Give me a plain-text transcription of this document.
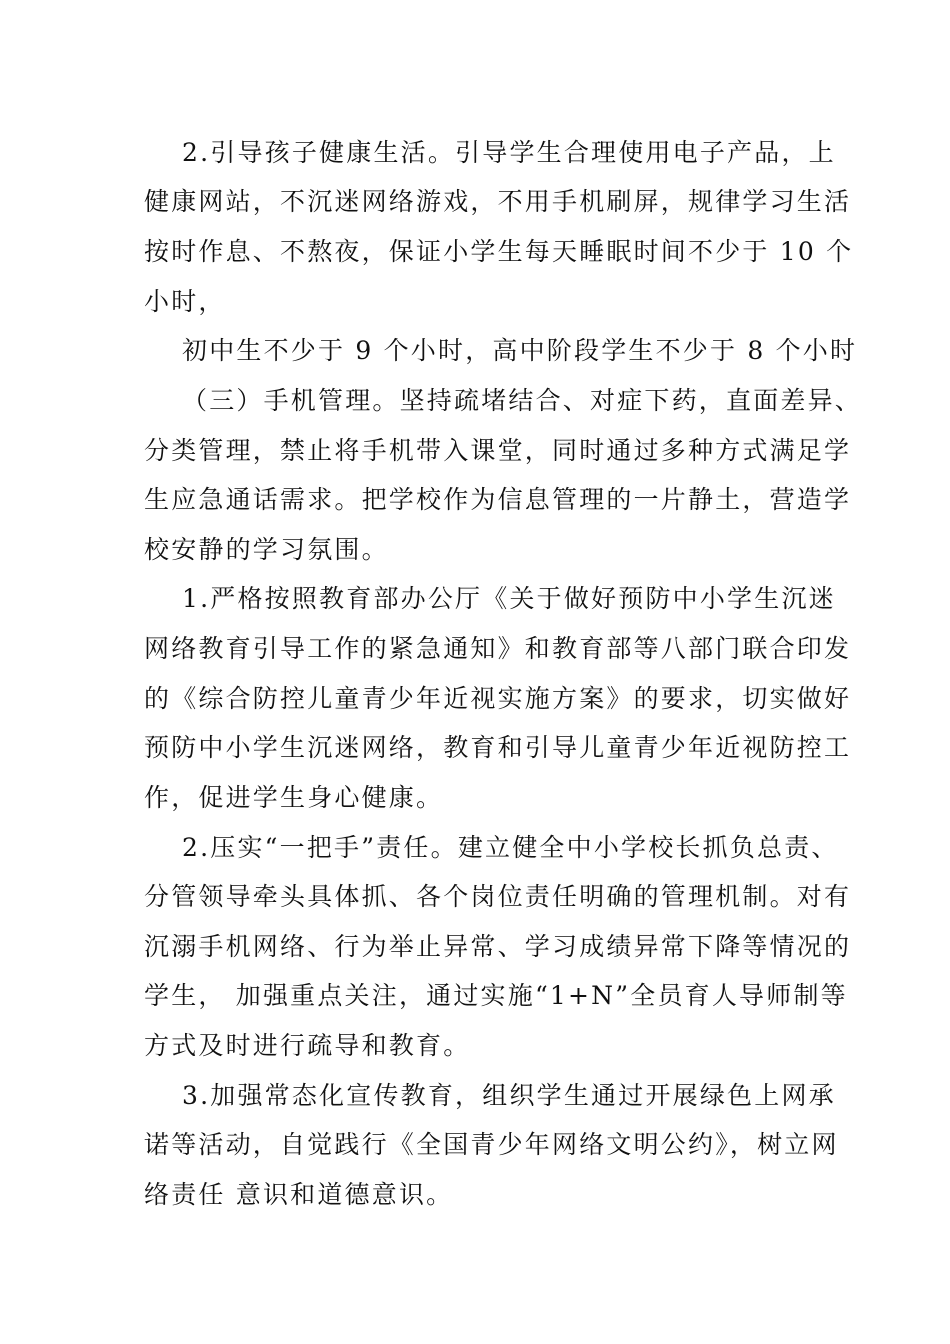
2.引导孩子健康生活。引导学生合理使用电子产品，上
健康网站，不沉迷网络游戏，不用手机刷屏，规律学习生活
按时作息、不熬夜，保证小学生每天睡眠时间不少于 10 个
小时，
初中生不少于 9 个小时，高中阶段学生不少于 8 个小时
（三）手机管理。坚持疏堵结合、对症下药，直面差异、
分类管理，禁止将手机带入课堂，同时通过多种方式满足学
生应急通话需求。把学校作为信息管理的一片静土，营造学
校安静的学习氛围。
1.严格按照教育部办公厅《关于做好预防中小学生沉迷
网络教育引导工作的紧急通知》和教育部等八部门联合印发
的《综合防控儿童青少年近视实施方案》的要求，切实做好
预防中小学生沉迷网络，教育和引导儿童青少年近视防控工
作，促进学生身心健康。
2.压实“一把手”责任。建立健全中小学校长抓负总责、
分管领导牵头具体抓、各个岗位责任明确的管理机制。对有
沉溺手机网络、行为举止异常、学习成绩异常下降等情况的
学生， 加强重点关注，通过实施“1+N”全员育人导师制等
方式及时进行疏导和教育。
3.加强常态化宣传教育，组织学生通过开展绿色上网承
诺等活动，自觉践行《全国青少年网络文明公约》，树立网
络责任 意识和道德意识。
